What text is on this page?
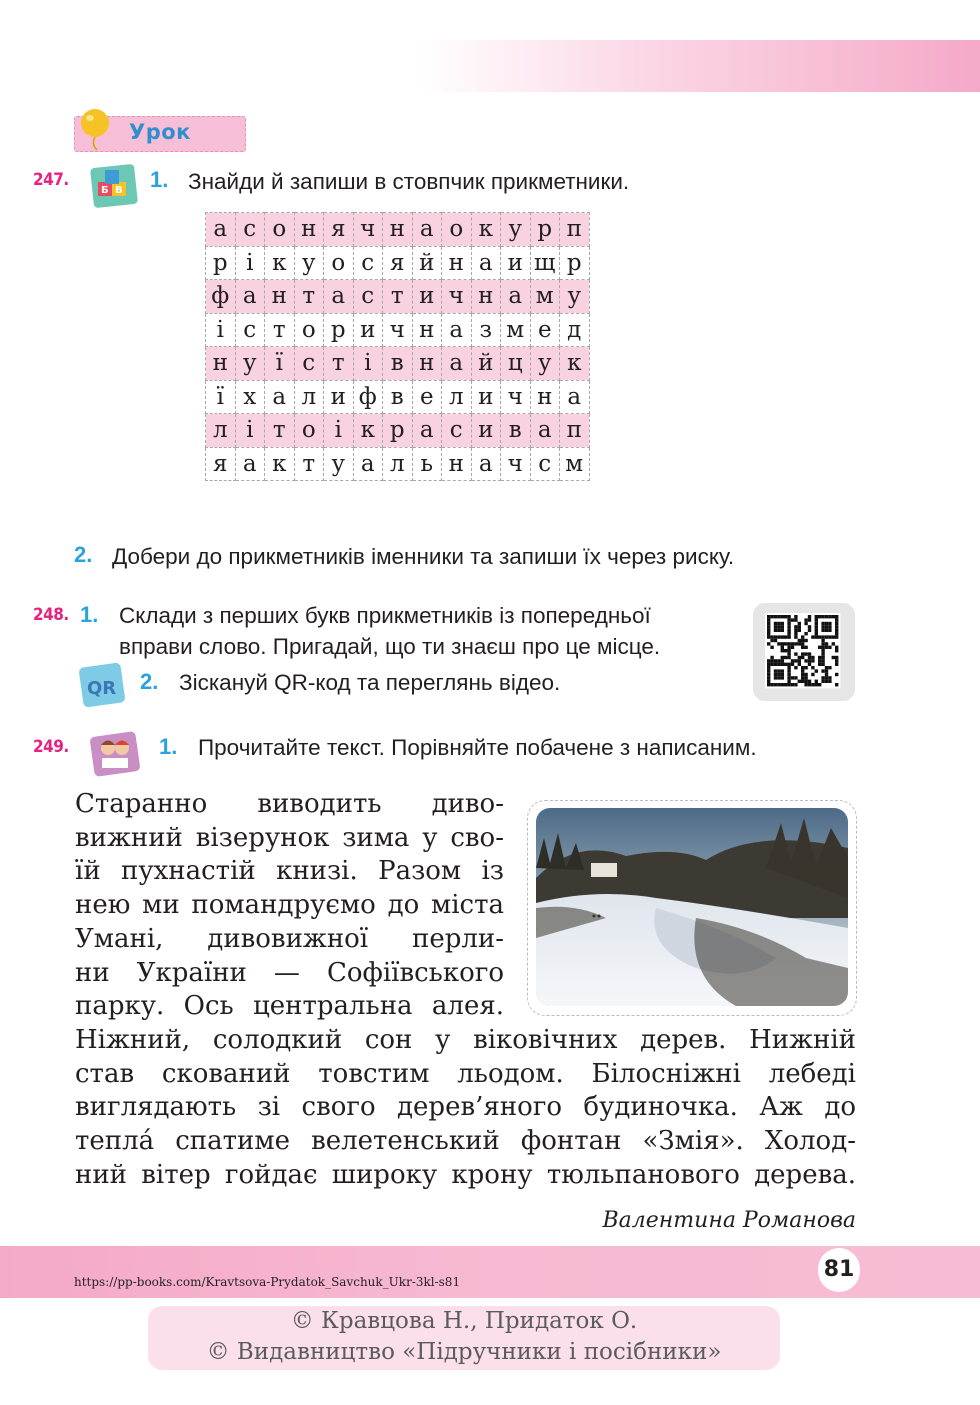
Урок
247.
Б В 1. Знайди й запиши в стовпчик прикметники.
а	с	о	н	я	ч	н	а	о	к	у	р	п
р	і	к	у	о	с	я	й	н	а	и	щ	р
ф	а	н	т	а	с	т	и	ч	н	а	м	у
і	с	т	о	р	и	ч	н	а	з	м	е	д
н	у	ї	с	т	і	в	н	а	й	ц	у	к
ї	х	а	л	и	ф	в	е	л	и	ч	н	а
л	і	т	о	і	к	р	а	с	и	в	а	п
я	а	к	т	у	а	л	ь	н	а	ч	с	м
2. Добери до прикметників іменники та запиши їх через риску.
248. 1. Склади з перших букв прикметників із попередньої
вправи слово. Пригадай, що ти знаєш про це місце.
QR 2. Зіскануй QR-код та переглянь відео.
249.	1. Прочитайте текст. Порівняйте побачене з написаним.
Старанно виводить диво-
вижний візерунок зима у сво-
їй пухнастій книзі. Разом із
нею ми помандруємо до міста
Умані, дивовижної перли-
ни України — Софіївського
парку. Ось центральна алея.
Ніжний, солодкий сон у віковічних дерев. Нижній
став скований товстим льодом. Білосніжні лебеді
виглядають зі свого дерев’яного будиночка. Аж до
тепла́ спатиме велетенський фонтан «Змія». Холод-
ний вітер гойдає широку крону тюльпанового дерева.
Валентина Романова
https://pp-books.com/Kravtsova-Prydatok_Savchuk_Ukr-3kl-s81	81
© Кравцова Н., Придаток О.
© Видавництво «Підручники і посібники»
